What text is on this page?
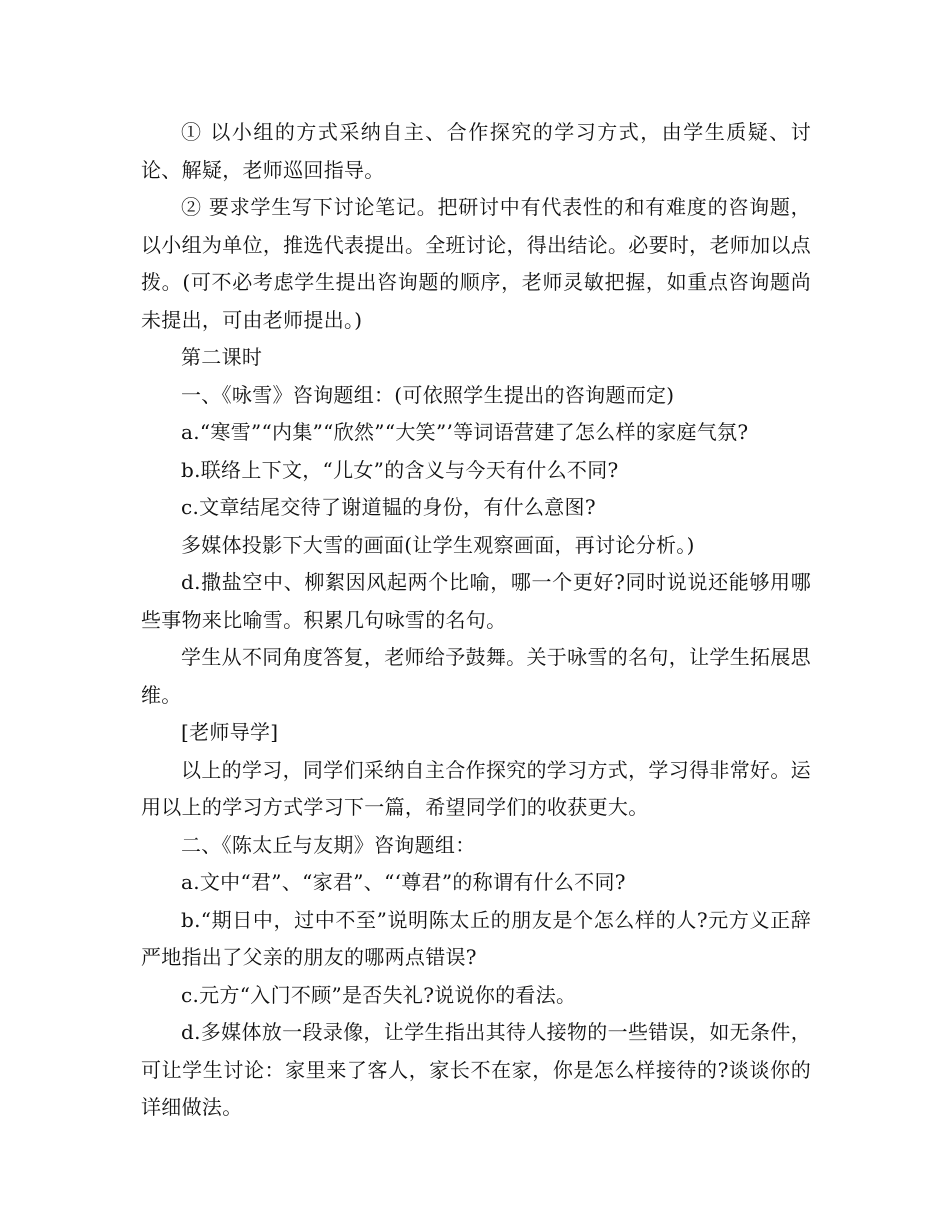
① 以小组的方式采纳自主、合作探究的学习方式，由学生质疑、讨论、解疑，老师巡回指导。

② 要求学生写下讨论笔记。把研讨中有代表性的和有难度的咨询题，以小组为单位，推选代表提出。全班讨论，得出结论。必要时，老师加以点拨。(可不必考虑学生提出咨询题的顺序，老师灵敏把握，如重点咨询题尚未提出，可由老师提出。)

第二课时

一、《咏雪》咨询题组：(可依照学生提出的咨询题而定)

a.“寒雪”“内集”“欣然”“大笑”’等词语营建了怎么样的家庭气氛?

b.联络上下文，“儿女”的含义与今天有什么不同?

c.文章结尾交待了谢道韫的身份，有什么意图?

多媒体投影下大雪的画面(让学生观察画面，再讨论分析。)

d.撒盐空中、柳絮因风起两个比喻，哪一个更好?同时说说还能够用哪些事物来比喻雪。积累几句咏雪的名句。

学生从不同角度答复，老师给予鼓舞。关于咏雪的名句，让学生拓展思维。

[老师导学]

以上的学习，同学们采纳自主合作探究的学习方式，学习得非常好。运用以上的学习方式学习下一篇，希望同学们的收获更大。

二、《陈太丘与友期》咨询题组：

a.文中“君”、“家君”、“‘尊君”的称谓有什么不同?

b.“期日中，过中不至”说明陈太丘的朋友是个怎么样的人?元方义正辞严地指出了父亲的朋友的哪两点错误?

c.元方“入门不顾”是否失礼?说说你的看法。

d.多媒体放一段录像，让学生指出其待人接物的一些错误，如无条件，可让学生讨论：家里来了客人，家长不在家，你是怎么样接待的?谈谈你的详细做法。
